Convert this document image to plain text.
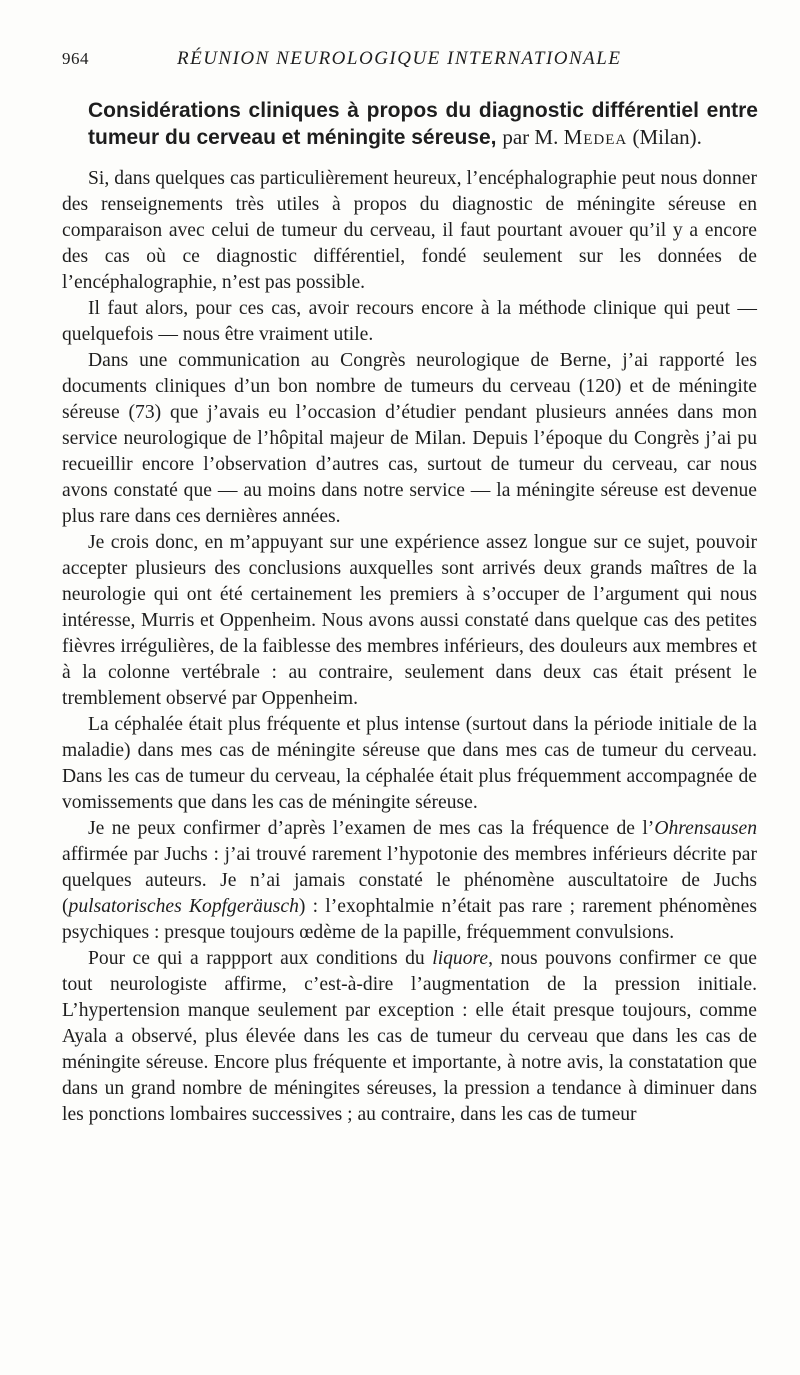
964	RÉUNION NEUROLOGIQUE INTERNATIONALE
Considérations cliniques à propos du diagnostic différentiel entre tumeur du cerveau et méningite séreuse, par M. Medea (Milan).

Si, dans quelques cas particulièrement heureux, l’encéphalographie peut nous donner des renseignements très utiles à propos du diagnostic de méningite séreuse en comparaison avec celui de tumeur du cerveau, il faut pourtant avouer qu’il y a encore des cas où ce diagnostic différentiel, fondé seulement sur les données de l’encéphalographie, n’est pas possible.

Il faut alors, pour ces cas, avoir recours encore à la méthode clinique qui peut — quelquefois — nous être vraiment utile.

Dans une communication au Congrès neurologique de Berne, j’ai rapporté les documents cliniques d’un bon nombre de tumeurs du cerveau (120) et de méningite séreuse (73) que j’avais eu l’occasion d’étudier pendant plusieurs années dans mon service neurologique de l’hôpital majeur de Milan. Depuis l’époque du Congrès j’ai pu recueillir encore l’observation d’autres cas, surtout de tumeur du cerveau, car nous avons constaté que — au moins dans notre service — la méningite séreuse est devenue plus rare dans ces dernières années.

Je crois donc, en m’appuyant sur une expérience assez longue sur ce sujet, pouvoir accepter plusieurs des conclusions auxquelles sont arrivés deux grands maîtres de la neurologie qui ont été certainement les premiers à s’occuper de l’argument qui nous intéresse, Murris et Oppenheim. Nous avons aussi constaté dans quelque cas des petites fièvres irrégulières, de la faiblesse des membres inférieurs, des douleurs aux membres et à la colonne vertébrale : au contraire, seulement dans deux cas était présent le tremblement observé par Oppenheim.

La céphalée était plus fréquente et plus intense (surtout dans la période initiale de la maladie) dans mes cas de méningite séreuse que dans mes cas de tumeur du cerveau. Dans les cas de tumeur du cerveau, la céphalée était plus fréquemment accompagnée de vomissements que dans les cas de méningite séreuse.

Je ne peux confirmer d’après l’examen de mes cas la fréquence de l’Ohrensausen affirmée par Juchs : j’ai trouvé rarement l’hypotonie des membres inférieurs décrite par quelques auteurs. Je n’ai jamais constaté le phénomène auscultatoire de Juchs (pulsatorisches Kopfgeräusch) : l’exophtalmie n’était pas rare ; rarement phénomènes psychiques : presque toujours œdème de la papille, fréquemment convulsions.

Pour ce qui a rappport aux conditions du liquore, nous pouvons confirmer ce que tout neurologiste affirme, c’est-à-dire l’augmentation de la pression initiale. L’hypertension manque seulement par exception : elle était presque toujours, comme Ayala a observé, plus élevée dans les cas de tumeur du cerveau que dans les cas de méningite séreuse. Encore plus fréquente et importante, à notre avis, la constatation que dans un grand nombre de méningites séreuses, la pression a tendance à diminuer dans les ponctions lombaires successives ; au contraire, dans les cas de tumeur
